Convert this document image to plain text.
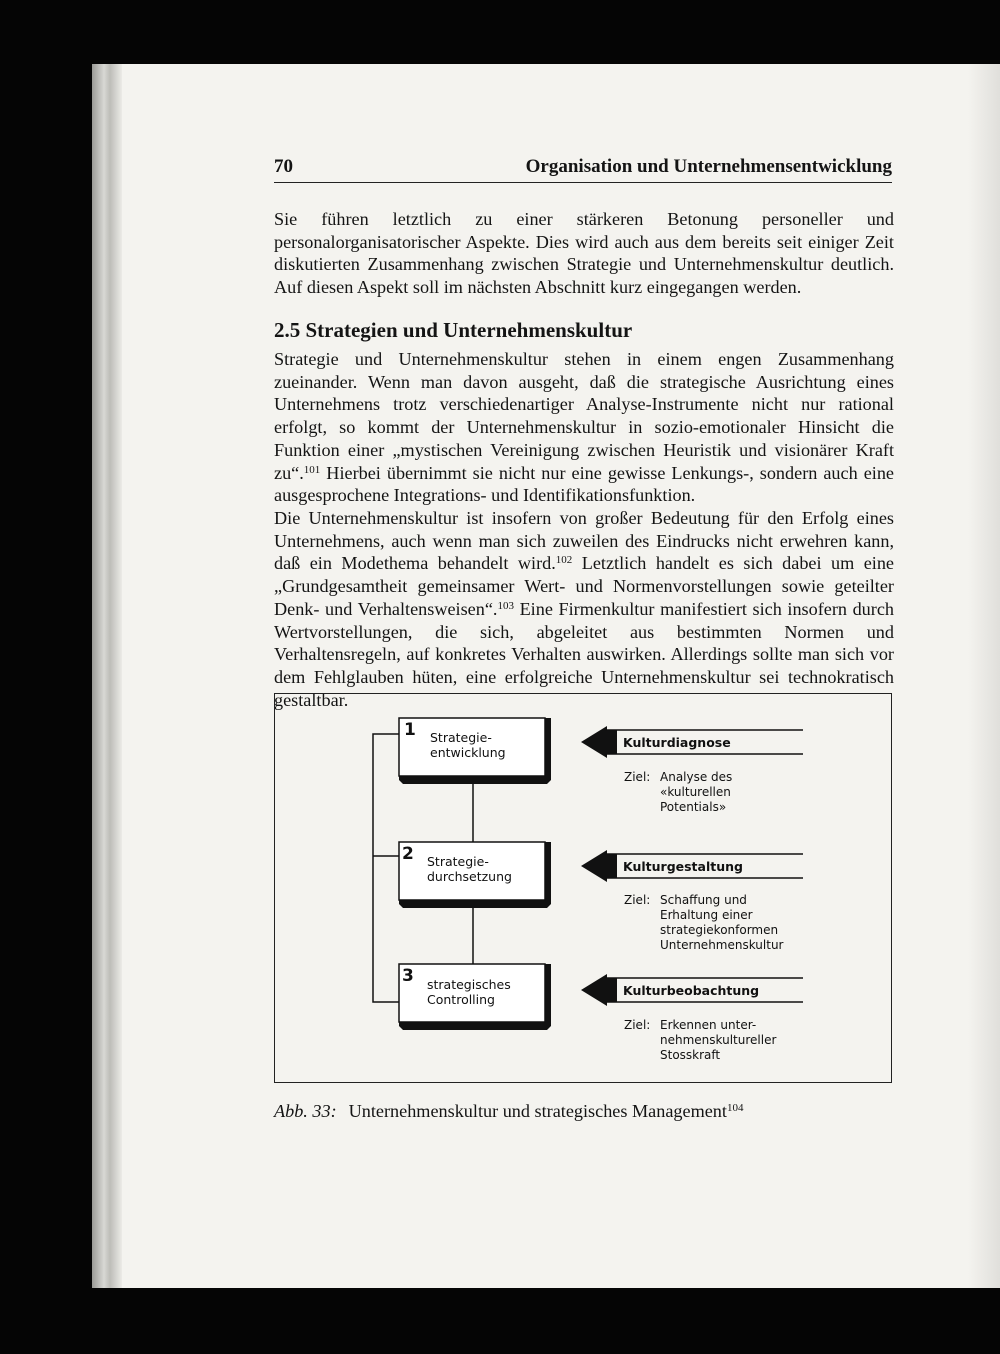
70	Organisation und Unternehmensentwicklung
Sie führen letztlich zu einer stärkeren Betonung personeller und personalorganisatorischer Aspekte. Dies wird auch aus dem bereits seit einiger Zeit diskutierten Zusammenhang zwischen Strategie und Unternehmenskultur deutlich. Auf diesen Aspekt soll im nächsten Abschnitt kurz eingegangen werden.
2.5 Strategien und Unternehmenskultur
Strategie und Unternehmenskultur stehen in einem engen Zusammenhang zueinander. Wenn man davon ausgeht, daß die strategische Ausrichtung eines Unternehmens trotz verschiedenartiger Analyse-Instrumente nicht nur rational erfolgt, so kommt der Unternehmenskultur in sozio-emotionaler Hinsicht die Funktion einer „mystischen Vereinigung zwischen Heuristik und visionärer Kraft zu“.$^{101}$ Hierbei übernimmt sie nicht nur eine gewisse Lenkungs-, sondern auch eine ausgesprochene Integrations- und Identifikationsfunktion.
Die Unternehmenskultur ist insofern von großer Bedeutung für den Erfolg eines Unternehmens, auch wenn man sich zuweilen des Eindrucks nicht erwehren kann, daß ein Modethema behandelt wird.$^{102}$ Letztlich handelt es sich dabei um eine „Grundgesamtheit gemeinsamer Wert- und Normenvorstellungen sowie geteilter Denk- und Verhaltensweisen“.$^{103}$ Eine Firmenkultur manifestiert sich insofern durch Wertvorstellungen, die sich, abgeleitet aus bestimmten Normen und Verhaltensregeln, auf konkretes Verhalten auswirken. Allerdings sollte man sich vor dem Fehlglauben hüten, eine erfolgreiche Unternehmenskultur sei technokratisch gestaltbar.
1 Strategie-
entwicklung
2 Strategie-
durchsetzung
3 strategisches
Controlling
Kulturdiagnose
Ziel: Analyse des
«kulturellen
Potentials»
Kulturgestaltung
Ziel: Schaffung und
Erhaltung einer
strategiekonformen
Unternehmenskultur
Kulturbeobachtung
Ziel: Erkennen unter-
nehmenskultureller
Stosskraft
Abb. 33: Unternehmenskultur und strategisches Management$^{104}$
